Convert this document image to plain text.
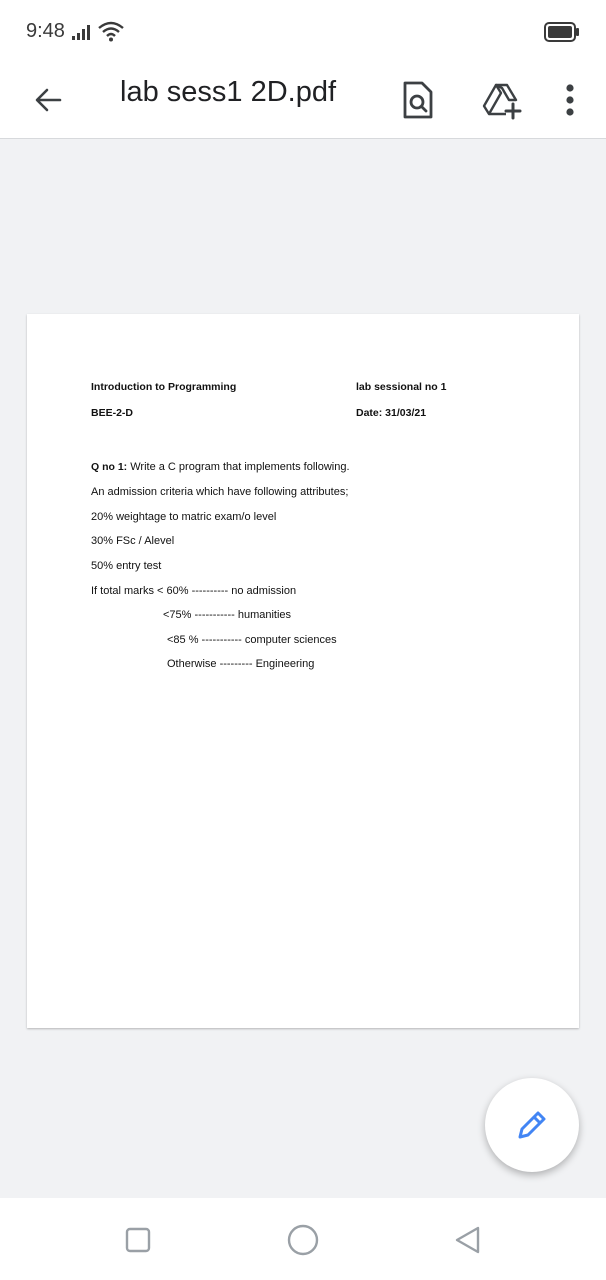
9:48
lab sess1 2D.pdf
Introduction to Programming
BEE-2-D
lab sessional no 1
Date: 31/03/21
Q no 1: Write a C program that implements following.
An admission criteria which have following attributes;
20% weightage to matric exam/o level
30% FSc / Alevel
50% entry test
If total marks < 60% ---------- no admission
<75% ----------- humanities
<85 % ----------- computer sciences
Otherwise --------- Engineering
